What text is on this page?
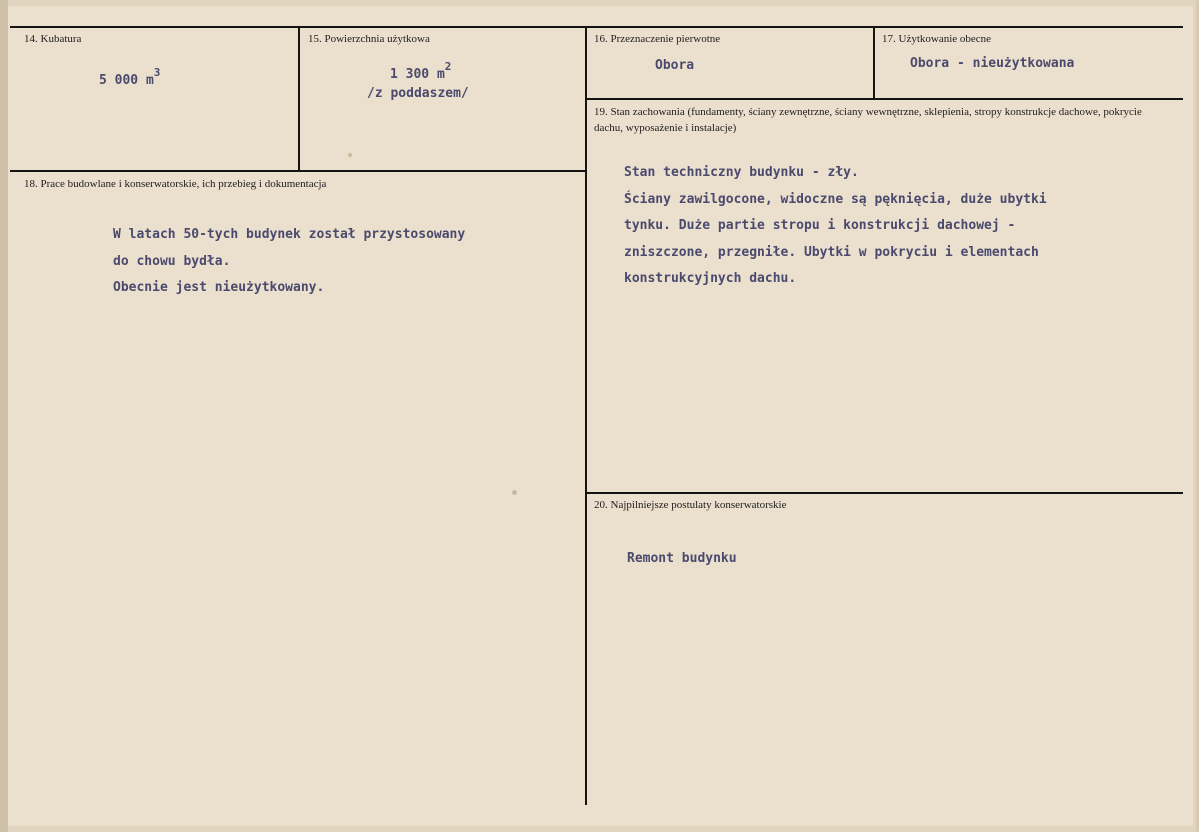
14. Kubatura
5 000 $m^3$
15. Powierzchnia użytkowa
1 300 $m^2$
/z poddaszem/
16. Przeznaczenie pierwotne
Obora
17. Użytkowanie obecne
Obora - nieużytkowana
18. Prace budowlane i konserwatorskie, ich przebieg i dokumentacja
W latach 50-tych budynek został przystosowany
do chowu bydła.
Obecnie jest nieużytkowany.
19. Stan zachowania (fundamenty, ściany zewnętrzne, ściany wewnętrzne, sklepienia, stropy konstrukcje dachowe, pokrycie dachu, wyposażenie i instalacje)
Stan techniczny budynku - zły.
Ściany zawilgocone, widoczne są pęknięcia, duże ubytki
tynku. Duże partie stropu i konstrukcji dachowej -
zniszczone, przegniłe. Ubytki w pokryciu i elementach
konstrukcyjnych dachu.
20. Najpilniejsze postulaty konserwatorskie
Remont budynku
